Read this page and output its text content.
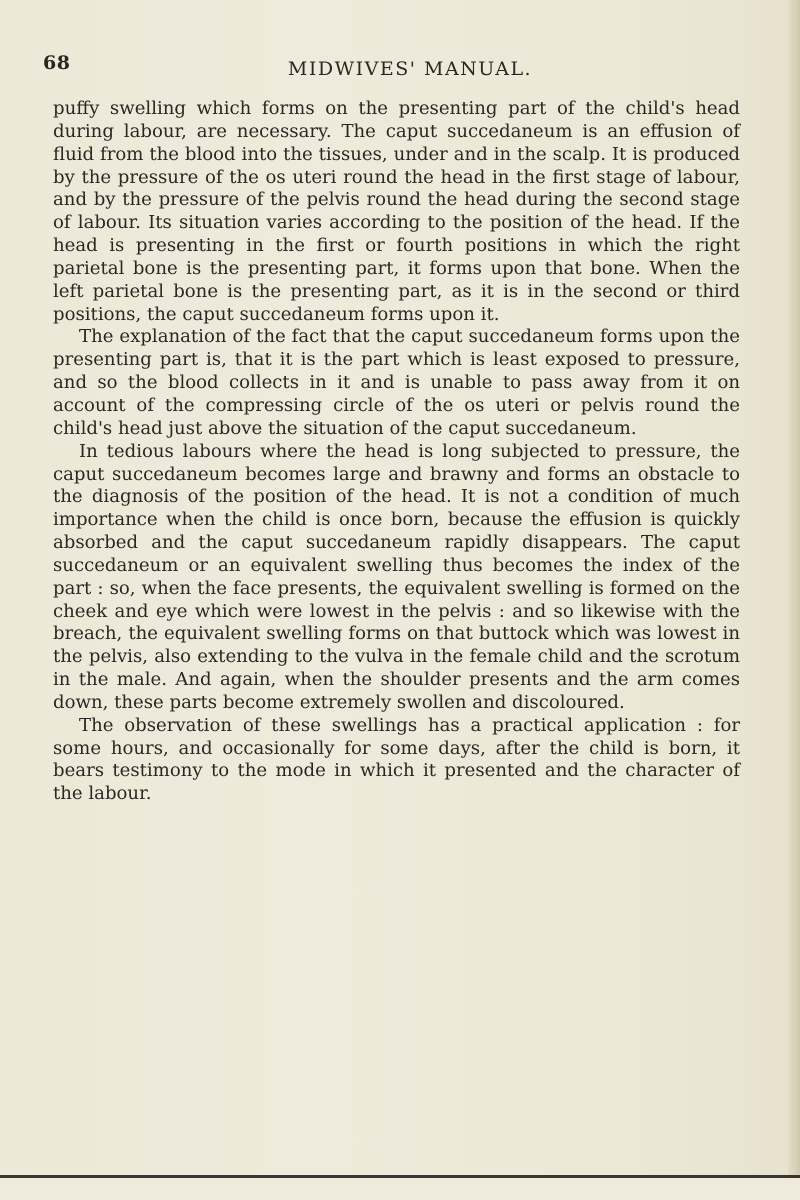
68	MIDWIVES' MANUAL.

puffy swelling which forms on the presenting part of the child's head during labour, are necessary. The caput succedaneum is an effusion of fluid from the blood into the tissues, under and in the scalp. It is produced by the pressure of the os uteri round the head in the first stage of labour, and by the pressure of the pelvis round the head during the second stage of labour. Its situation varies according to the position of the head. If the head is presenting in the first or fourth positions in which the right parietal bone is the presenting part, it forms upon that bone. When the left parietal bone is the presenting part, as it is in the second or third positions, the caput succedaneum forms upon it.

The explanation of the fact that the caput succedaneum forms upon the presenting part is, that it is the part which is least exposed to pressure, and so the blood collects in it and is unable to pass away from it on account of the compressing circle of the os uteri or pelvis round the child's head just above the situation of the caput succedaneum.

In tedious labours where the head is long subjected to pressure, the caput succedaneum becomes large and brawny and forms an obstacle to the diagnosis of the position of the head. It is not a condition of much importance when the child is once born, because the effusion is quickly absorbed and the caput succedaneum rapidly disappears. The caput succedaneum or an equivalent swelling thus becomes the index of the part : so, when the face presents, the equivalent swelling is formed on the cheek and eye which were lowest in the pelvis : and so likewise with the breach, the equivalent swelling forms on that buttock which was lowest in the pelvis, also extending to the vulva in the female child and the scrotum in the male. And again, when the shoulder presents and the arm comes down, these parts become extremely swollen and discoloured.

The observation of these swellings has a practical application : for some hours, and occasionally for some days, after the child is born, it bears testimony to the mode in which it presented and the character of the labour.
